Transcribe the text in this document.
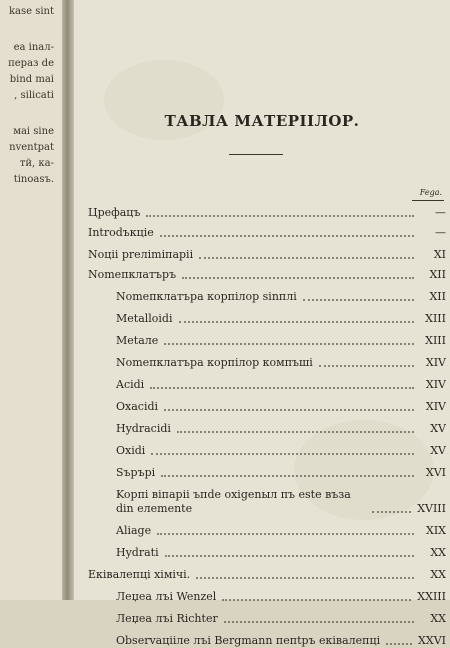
kase sint
ea inaл-
пepaз de
bind mai
, silicati
мai sine
nventpat
тй, ка-
tinoasъ.
ТАВЛА МАТЕРIIЛОР.
Fega.
Цpeфaцъ	—
Introdъкцie	—
Noцii preлimiпapii	XI
Nomeпклатъpъ	XII
Nomeпклатъpa корпiлор sinплi	XII
Metalloidi	XIII
Metaлe	XIII
Nomeпклатъpa корпiлор компъшi	XIV
Acidi	XIV
Oxacidi	XIV
Hydracidi	XV
Oxidi	XV
Sъpъpi	XVI
Kopпi віпаpii ъпde oxigenыл пъ este въза din eлemente	XVIII
Aliage	XIX
Hydrati	XX
Екiвалепцi хiмiчi.	XX
Леџеа лъi Wenzel	XXIII
Леџеа лъi Richter	XX
Observaцiiле лъi Bergmann пeпtpъ екiвалепцi	XXVI
